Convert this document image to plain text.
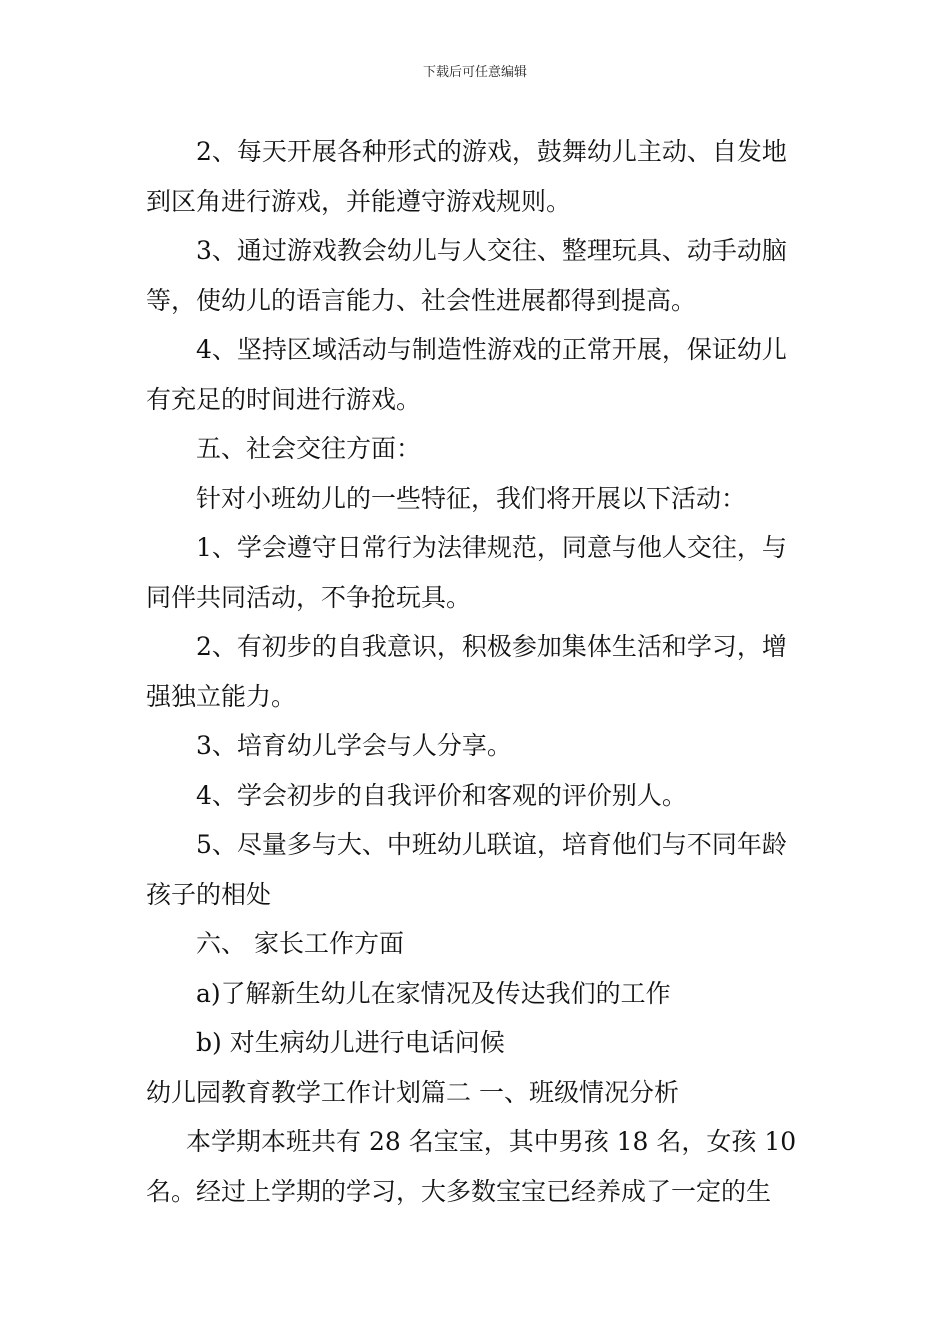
下载后可任意编辑
2、每天开展各种形式的游戏，鼓舞幼儿主动、自发地
到区角进行游戏，并能遵守游戏规则。
3、通过游戏教会幼儿与人交往、整理玩具、动手动脑
等，使幼儿的语言能力、社会性进展都得到提高。
4、坚持区域活动与制造性游戏的正常开展，保证幼儿
有充足的时间进行游戏。
五、社会交往方面：
针对小班幼儿的一些特征，我们将开展以下活动：
1、学会遵守日常行为法律规范，同意与他人交往，与
同伴共同活动，不争抢玩具。
2、有初步的自我意识，积极参加集体生活和学习，增
强独立能力。
3、培育幼儿学会与人分享。
4、学会初步的自我评价和客观的评价别人。
5、尽量多与大、中班幼儿联谊，培育他们与不同年龄
孩子的相处
六、 家长工作方面
a)了解新生幼儿在家情况及传达我们的工作
b) 对生病幼儿进行电话问候
幼儿园教育教学工作计划篇二 一、班级情况分析
本学期本班共有 28 名宝宝，其中男孩 18 名，女孩 10
名。经过上学期的学习，大多数宝宝已经养成了一定的生
